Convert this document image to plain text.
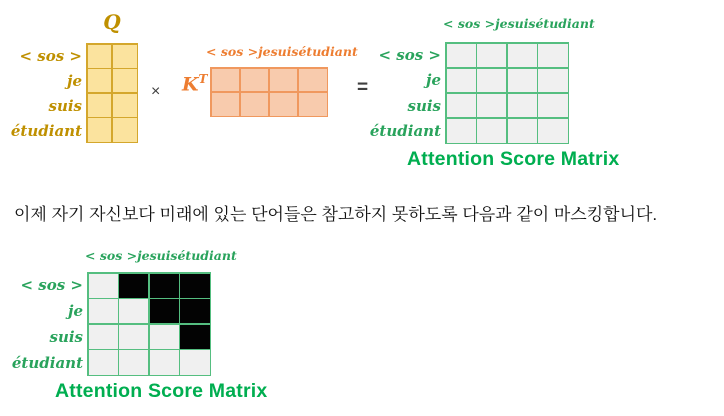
Q
< sos >
je
suis
étudiant
× $K^T$
< sos > je suis étudiant
=
< sos > je suis étudiant
< sos >
je
suis
étudiant
Attention Score Matrix
이제 자기 자신보다 미래에 있는 단어들은 참고하지 못하도록 다음과 같이 마스킹합니다.
< sos > je suis étudiant
< sos >
je
suis
étudiant
Attention Score Matrix
